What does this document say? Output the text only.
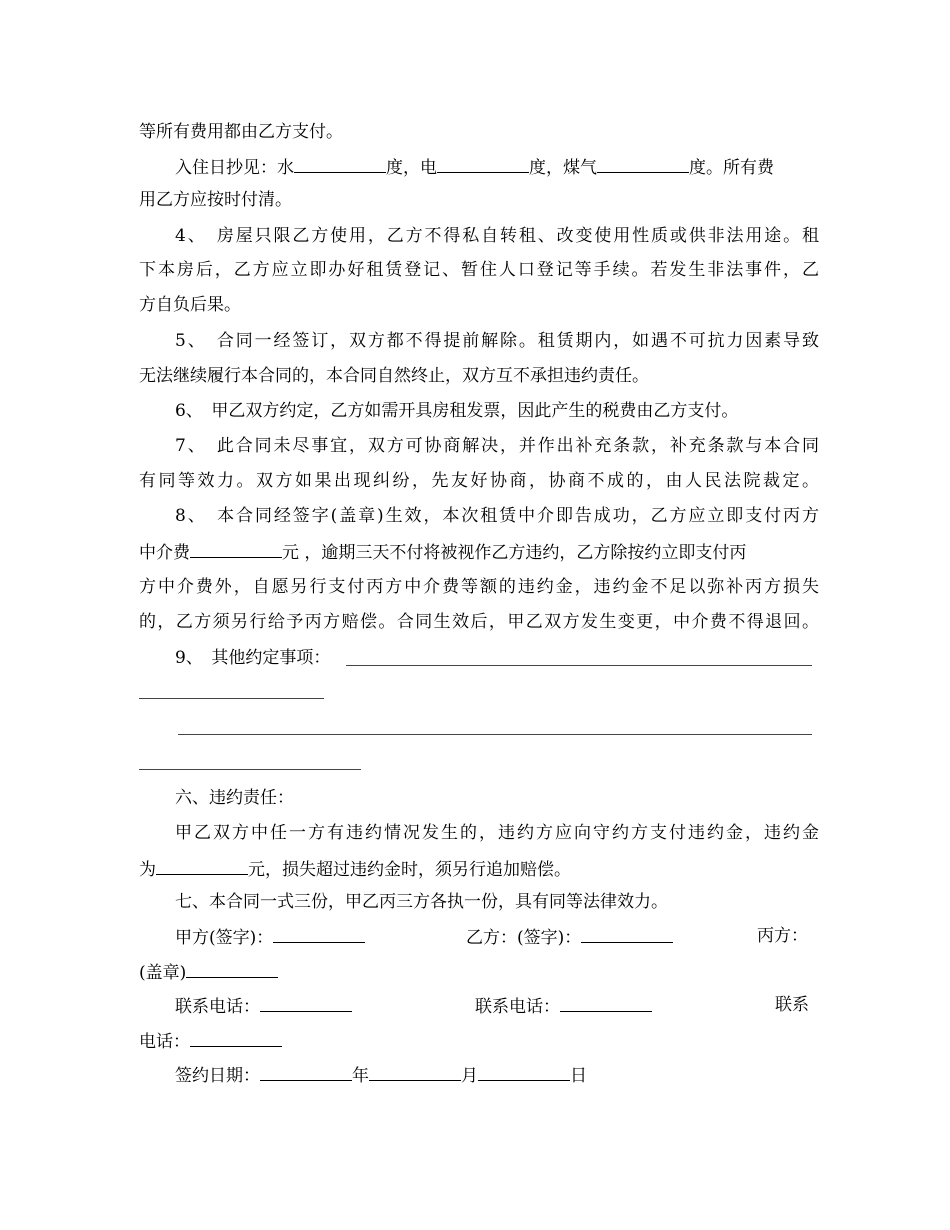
等所有费用都由乙方支付。
入住日抄见：水	度，电	度，煤气	度。所有费
用乙方应按时付清。
4、　房屋只限乙方使用，乙方不得私自转租、改变使用性质或供非法用途。租
下本房后，乙方应立即办好租赁登记、暂住人口登记等手续。若发生非法事件，乙
方自负后果。
5、　合同一经签订，双方都不得提前解除。租赁期内，如遇不可抗力因素导致
无法继续履行本合同的，本合同自然终止，双方互不承担违约责任。
6、　甲乙双方约定，乙方如需开具房租发票，因此产生的税费由乙方支付。
7、　此合同未尽事宜，双方可协商解决，并作出补充条款，补充条款与本合同
有同等效力。双方如果出现纠纷，先友好协商，协商不成的，由人民法院裁定。
8、　本合同经签字(盖章)生效，本次租赁中介即告成功，乙方应立即支付丙方
中介费	元 ，逾期三天不付将被视作乙方违约，乙方除按约立即支付丙
方中介费外，自愿另行支付丙方中介费等额的违约金，违约金不足以弥补丙方损失
的，乙方须另行给予丙方赔偿。合同生效后，甲乙双方发生变更，中介费不得退回。
9、　其他约定事项：
六、违约责任：
甲乙双方中任一方有违约情况发生的，违约方应向守约方支付违约金，违约金
为	元，损失超过违约金时，须另行追加赔偿。
七、本合同一式三份，甲乙丙三方各执一份，具有同等法律效力。
甲方(签字)：	乙方：(签字)：	丙方：
(盖章)
联系电话：	联系电话：	联系
电话：
签约日期：	年	月	日
